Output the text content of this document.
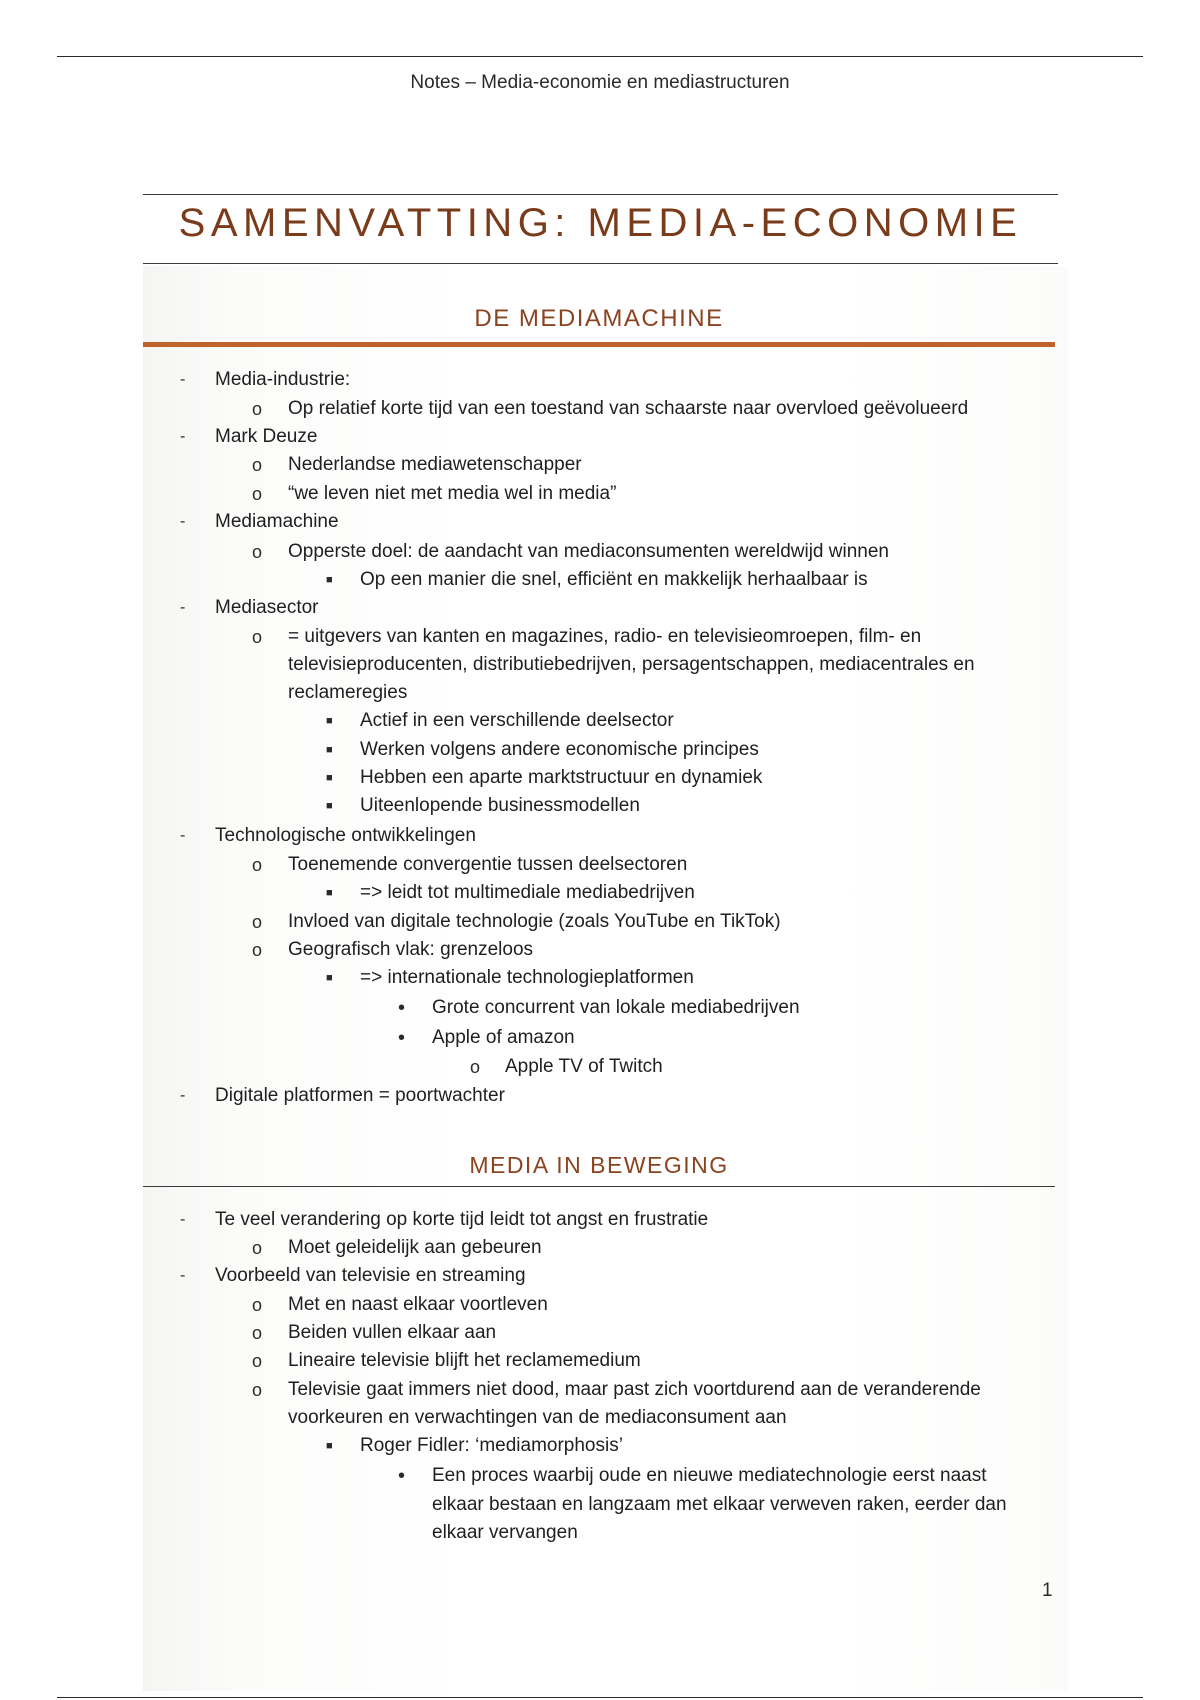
Notes – Media-economie en mediastructuren
SAMENVATTING: MEDIA-ECONOMIE
DE MEDIAMACHINE
- Media-industrie:
o Op relatief korte tijd van een toestand van schaarste naar overvloed geëvolueerd
- Mark Deuze
o Nederlandse mediawetenschapper
o “we leven niet met media wel in media”
- Mediamachine
o Opperste doel: de aandacht van mediaconsumenten wereldwijd winnen
■ Op een manier die snel, efficiënt en makkelijk herhaalbaar is
- Mediasector
o = uitgevers van kanten en magazines, radio- en televisieomroepen, film- en
televisieproducenten, distributiebedrijven, persagentschappen, mediacentrales en
reclameregies
■ Actief in een verschillende deelsector
■ Werken volgens andere economische principes
■ Hebben een aparte marktstructuur en dynamiek
■ Uiteenlopende businessmodellen
- Technologische ontwikkelingen
o Toenemende convergentie tussen deelsectoren
■ => leidt tot multimediale mediabedrijven
o Invloed van digitale technologie (zoals YouTube en TikTok)
o Geografisch vlak: grenzeloos
■ => internationale technologieplatformen
• Grote concurrent van lokale mediabedrijven
• Apple of amazon
o Apple TV of Twitch
- Digitale platformen = poortwachter
MEDIA IN BEWEGING
- Te veel verandering op korte tijd leidt tot angst en frustratie
o Moet geleidelijk aan gebeuren
- Voorbeeld van televisie en streaming
o Met en naast elkaar voortleven
o Beiden vullen elkaar aan
o Lineaire televisie blijft het reclamemedium
o Televisie gaat immers niet dood, maar past zich voortdurend aan de veranderende
voorkeuren en verwachtingen van de mediaconsument aan
■ Roger Fidler: ‘mediamorphosis’
• Een proces waarbij oude en nieuwe mediatechnologie eerst naast
elkaar bestaan en langzaam met elkaar verweven raken, eerder dan
elkaar vervangen
1
